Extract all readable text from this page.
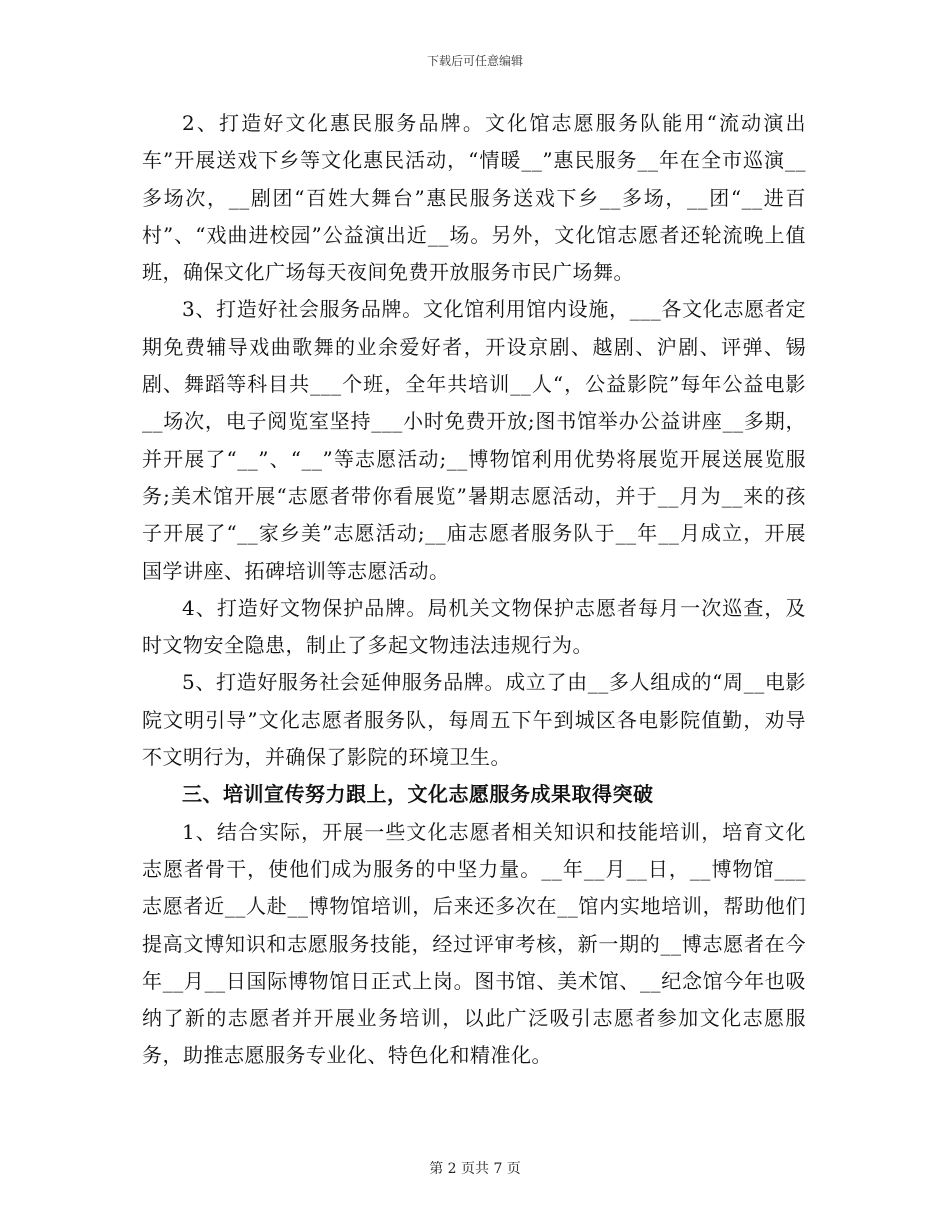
下载后可任意编辑

2、打造好文化惠民服务品牌。文化馆志愿服务队能用“流动演出车”开展送戏下乡等文化惠民活动，“情暖__”惠民服务__年在全市巡演__多场次，__剧团“百姓大舞台”惠民服务送戏下乡__多场，__团“__进百村”、“戏曲进校园”公益演出近__场。另外，文化馆志愿者还轮流晚上值班，确保文化广场每天夜间免费开放服务市民广场舞。

3、打造好社会服务品牌。文化馆利用馆内设施，___各文化志愿者定期免费辅导戏曲歌舞的业余爱好者，开设京剧、越剧、沪剧、评弹、锡剧、舞蹈等科目共___个班，全年共培训__人“，公益影院”每年公益电影__场次，电子阅览室坚持___小时免费开放;图书馆举办公益讲座__多期，并开展了“__”、“__”等志愿活动;__博物馆利用优势将展览开展送展览服务;美术馆开展“志愿者带你看展览”暑期志愿活动，并于__月为__来的孩子开展了“__家乡美”志愿活动;__庙志愿者服务队于__年__月成立，开展国学讲座、拓碑培训等志愿活动。

4、打造好文物保护品牌。局机关文物保护志愿者每月一次巡查，及时文物安全隐患，制止了多起文物违法违规行为。

5、打造好服务社会延伸服务品牌。成立了由__多人组成的“周__电影院文明引导”文化志愿者服务队，每周五下午到城区各电影院值勤，劝导不文明行为，并确保了影院的环境卫生。

三、培训宣传努力跟上，文化志愿服务成果取得突破

1、结合实际，开展一些文化志愿者相关知识和技能培训，培育文化志愿者骨干，使他们成为服务的中坚力量。__年__月__日，__博物馆___志愿者近__人赴__博物馆培训，后来还多次在__馆内实地培训，帮助他们提高文博知识和志愿服务技能，经过评审考核，新一期的__博志愿者在今年__月__日国际博物馆日正式上岗。图书馆、美术馆、__纪念馆今年也吸纳了新的志愿者并开展业务培训，以此广泛吸引志愿者参加文化志愿服务，助推志愿服务专业化、特色化和精准化。

第 2 页共 7 页
